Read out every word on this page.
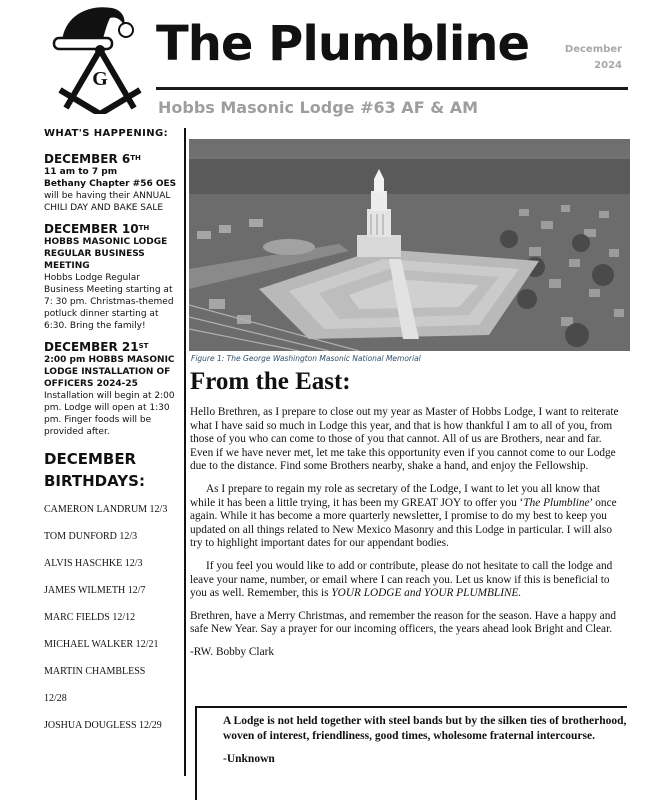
G
The Plumbline	December
2024
Hobbs Masonic Lodge #63 AF & AM
WHAT'S HAPPENING:
DECEMBER 6TH
11 am to 7 pm
Bethany Chapter #56 OES
will be having their ANNUAL CHILI DAY AND BAKE SALE
DECEMBER 10TH
HOBBS MASONIC LODGE REGULAR BUSINESS MEETING
Hobbs Lodge Regular Business Meeting starting at 7: 30 pm. Christmas-themed potluck dinner starting at 6:30. Bring the family!
DECEMBER 21ST
2:00 pm HOBBS MASONIC LODGE INSTALLATION OF OFFICERS 2024-25
Installation will begin at 2:00 pm. Lodge will open at 1:30 pm. Finger foods will be provided after.
DECEMBER BIRTHDAYS:
CAMERON LANDRUM 12/3
TOM DUNFORD 12/3
ALVIS HASCHKE 12/3
JAMES WILMETH 12/7
MARC FIELDS 12/12
MICHAEL WALKER 12/21
MARTIN CHAMBLESS
12/28
JOSHUA DOUGLESS 12/29
Figure 1: The George Washington Masonic National Memorial
From the East:

Hello Brethren, as I prepare to close out my year as Master of Hobbs Lodge, I want to reiterate what I have said so much in Lodge this year, and that is how thankful I am to all of you, from those of you who can come to those of you that cannot. All of us are Brothers, near and far. Even if we have never met, let me take this opportunity even if you cannot come to our Lodge due to the distance. Find some Brothers nearby, shake a hand, and enjoy the Fellowship.

As I prepare to regain my role as secretary of the Lodge, I want to let you all know that while it has been a little trying, it has been my GREAT JOY to offer you ‘The Plumbline’ once again. While it has become a more quarterly newsletter, I promise to do my best to keep you updated on all things related to New Mexico Masonry and this Lodge in particular. I will also try to highlight important dates for our appendant bodies.

If you feel you would like to add or contribute, please do not hesitate to call the lodge and leave your name, number, or email where I can reach you. Let us know if this is beneficial to you as well. Remember, this is YOUR LODGE and YOUR PLUMBLINE.

Brethren, have a Merry Christmas, and remember the reason for the season. Have a happy and safe New Year. Say a prayer for our incoming officers, the years ahead look Bright and Clear.

-RW. Bobby Clark

A Lodge is not held together with steel bands but by the silken ties of brotherhood, woven of interest, friendliness, good times, wholesome fraternal intercourse.
-Unknown
